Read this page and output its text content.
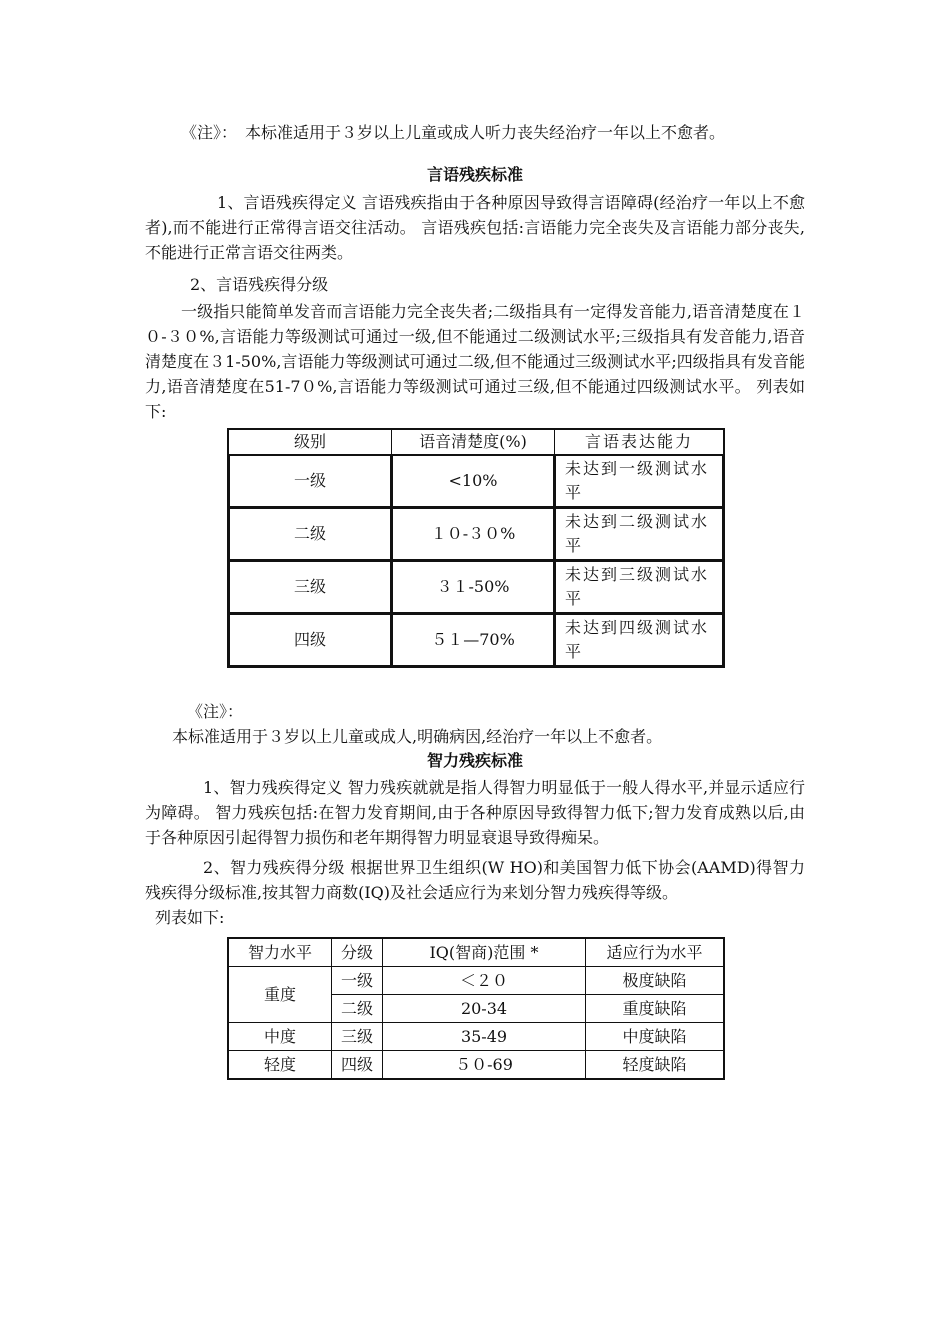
《注》：　本标准适用于３岁以上儿童或成人听力丧失经治疗一年以上不愈者。

言语残疾标准

1、言语残疾得定义 言语残疾指由于各种原因导致得言语障碍(经治疗一年以上不愈者),而不能进行正常得言语交往活动。 言语残疾包括:言语能力完全丧失及言语能力部分丧失,不能进行正常言语交往两类。

2、言语残疾得分级

一级指只能简单发音而言语能力完全丧失者;二级指具有一定得发音能力,语音清楚度在１０-３０%,言语能力等级测试可通过一级,但不能通过二级测试水平;三级指具有发音能力,语音清楚度在３1-50%,言语能力等级测试可通过二级,但不能通过三级测试水平;四级指具有发音能力,语音清楚度在51-7０%,言语能力等级测试可通过三级,但不能通过四级测试水平。 列表如下:

级别	语音清楚度(%)	言语表达能力
一级	<10%	未达到一级测试水平
二级	１０-３０%	未达到二级测试水平
三级	３１-50%	未达到三级测试水平
四级	５１—70%	未达到四级测试水平

《注》：

本标准适用于３岁以上儿童或成人,明确病因,经治疗一年以上不愈者。

智力残疾标准

1、智力残疾得定义 智力残疾就就是指人得智力明显低于一般人得水平,并显示适应行为障碍。 智力残疾包括:在智力发育期间,由于各种原因导致得智力低下;智力发育成熟以后,由于各种原因引起得智力损伤和老年期得智力明显衰退导致得痴呆。

2、智力残疾得分级 根据世界卫生组织(W HO)和美国智力低下协会(AAMD)得智力残疾得分级标准,按其智力商数(IQ)及社会适应行为来划分智力残疾得等级。

列表如下:

智力水平	分级	IQ(智商)范围 *	适应行为水平
重度	一级	＜２０	极度缺陷
	二级	20-34	重度缺陷
中度	三级	35-49	中度缺陷
轻度	四级	５０-69	轻度缺陷
